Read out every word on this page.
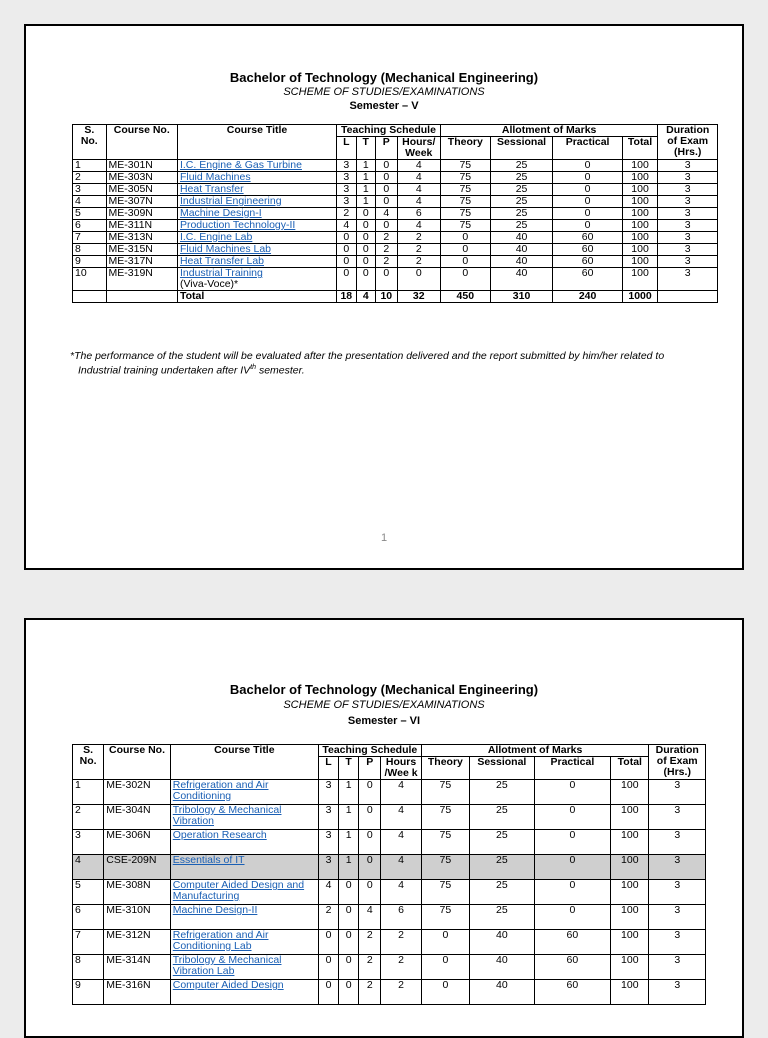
Bachelor of Technology (Mechanical Engineering)
SCHEME OF STUDIES/EXAMINATIONS
Semester – V
S. No.	Course No.	Course Title	Teaching Schedule				Allotment of Marks				Duration of Exam (Hrs.)
			L	T	P	Hours/ Week	Theory	Sessional	Practical	Total	
1	ME-301N	I.C. Engine & Gas Turbine	3	1	0	4	75	25	0	100	3
2	ME-303N	Fluid Machines	3	1	0	4	75	25	0	100	3
3	ME-305N	Heat Transfer	3	1	0	4	75	25	0	100	3
4	ME-307N	Industrial Engineering	3	1	0	4	75	25	0	100	3
5	ME-309N	Machine Design-I	2	0	4	6	75	25	0	100	3
6	ME-311N	Production Technology-II	4	0	0	4	75	25	0	100	3
7	ME-313N	I.C. Engine Lab	0	0	2	2	0	40	60	100	3
8	ME-315N	Fluid Machines Lab	0	0	2	2	0	40	60	100	3
9	ME-317N	Heat Transfer Lab	0	0	2	2	0	40	60	100	3
10	ME-319N	Industrial Training
(Viva-Voce)*	0	0	0	0	0	40	60	100	3
		Total	18	4	10	32	450	310	240	1000	
*The performance of the student will be evaluated after the presentation delivered and the report submitted by him/her related to
Industrial training undertaken after IVth semester.
1
Bachelor of Technology (Mechanical Engineering)
SCHEME OF STUDIES/EXAMINATIONS
Semester – VI
S. No.	Course No.	Course Title	Teaching Schedule				Allotment of Marks				Duration of Exam (Hrs.)
			L	T	P	Hours /Wee k	Theory	Sessional	Practical	Total	
1	ME-302N	Refrigeration and Air Conditioning	3	1	0	4	75	25	0	100	3
2	ME-304N	Tribology & Mechanical Vibration	3	1	0	4	75	25	0	100	3
3	ME-306N	Operation Research	3	1	0	4	75	25	0	100	3
4	CSE-209N	Essentials of IT	3	1	0	4	75	25	0	100	3
5	ME-308N	Computer Aided Design and Manufacturing	4	0	0	4	75	25	0	100	3
6	ME-310N	Machine Design-II	2	0	4	6	75	25	0	100	3
7	ME-312N	Refrigeration and Air Conditioning Lab	0	0	2	2	0	40	60	100	3
8	ME-314N	Tribology & Mechanical Vibration Lab	0	0	2	2	0	40	60	100	3
9	ME-316N	Computer Aided Design	0	0	2	2	0	40	60	100	3
